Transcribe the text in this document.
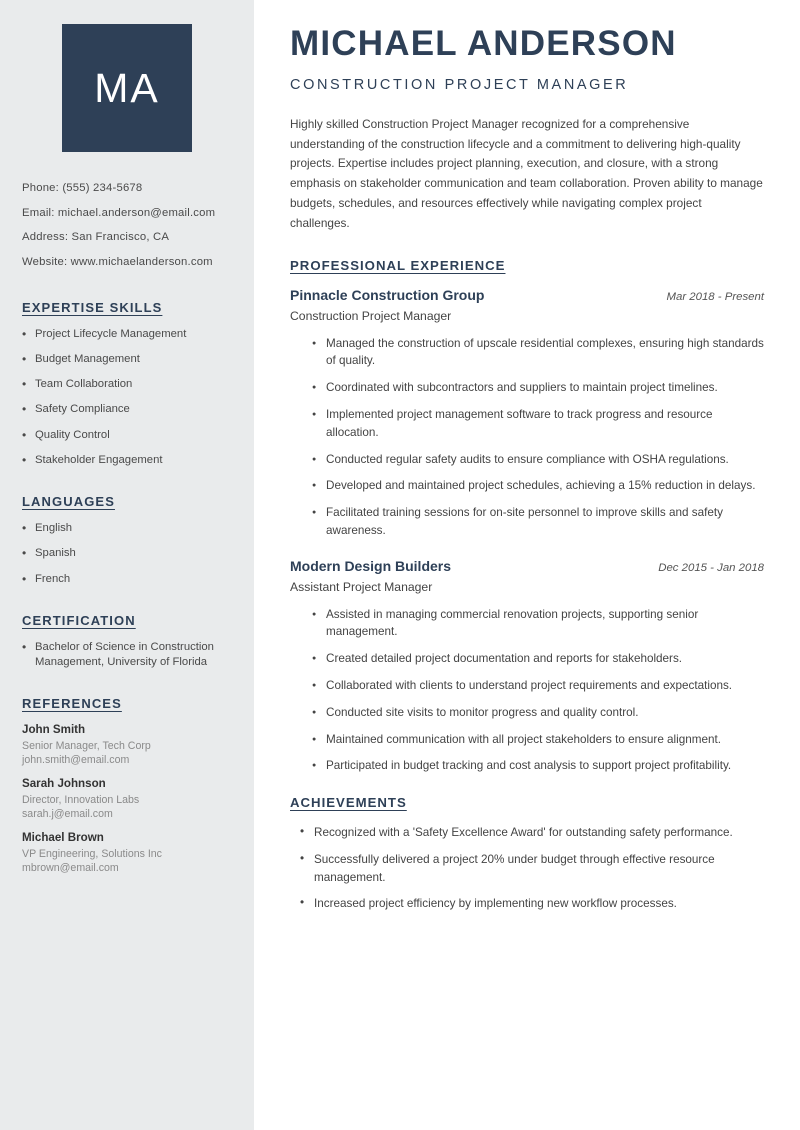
MA
Phone: (555) 234-5678
Email: michael.anderson@email.com
Address: San Francisco, CA
Website: www.michaelanderson.com
EXPERTISE SKILLS
• Project Lifecycle Management
• Budget Management
• Team Collaboration
• Safety Compliance
• Quality Control
• Stakeholder Engagement
LANGUAGES
• English
• Spanish
• French
CERTIFICATION
• Bachelor of Science in Construction Management, University of Florida
REFERENCES
John Smith
Senior Manager, Tech Corp
john.smith@email.com
Sarah Johnson
Director, Innovation Labs
sarah.j@email.com
Michael Brown
VP Engineering, Solutions Inc
mbrown@email.com
MICHAEL ANDERSON
CONSTRUCTION PROJECT MANAGER

Highly skilled Construction Project Manager recognized for a comprehensive understanding of the construction lifecycle and a commitment to delivering high-quality projects. Expertise includes project planning, execution, and closure, with a strong emphasis on stakeholder communication and team collaboration. Proven ability to manage budgets, schedules, and resources effectively while navigating complex project challenges.

PROFESSIONAL EXPERIENCE
Pinnacle Construction Group	Mar 2018 - Present
Construction Project Manager
● Managed the construction of upscale residential complexes, ensuring high standards of quality.
● Coordinated with subcontractors and suppliers to maintain project timelines.
● Implemented project management software to track progress and resource allocation.
● Conducted regular safety audits to ensure compliance with OSHA regulations.
● Developed and maintained project schedules, achieving a 15% reduction in delays.
● Facilitated training sessions for on-site personnel to improve skills and safety awareness.
Modern Design Builders	Dec 2015 - Jan 2018
Assistant Project Manager
● Assisted in managing commercial renovation projects, supporting senior management.
● Created detailed project documentation and reports for stakeholders.
● Collaborated with clients to understand project requirements and expectations.
● Conducted site visits to monitor progress and quality control.
● Maintained communication with all project stakeholders to ensure alignment.
● Participated in budget tracking and cost analysis to support project profitability.
ACHIEVEMENTS
• Recognized with a 'Safety Excellence Award' for outstanding safety performance.
• Successfully delivered a project 20% under budget through effective resource management.
• Increased project efficiency by implementing new workflow processes.
